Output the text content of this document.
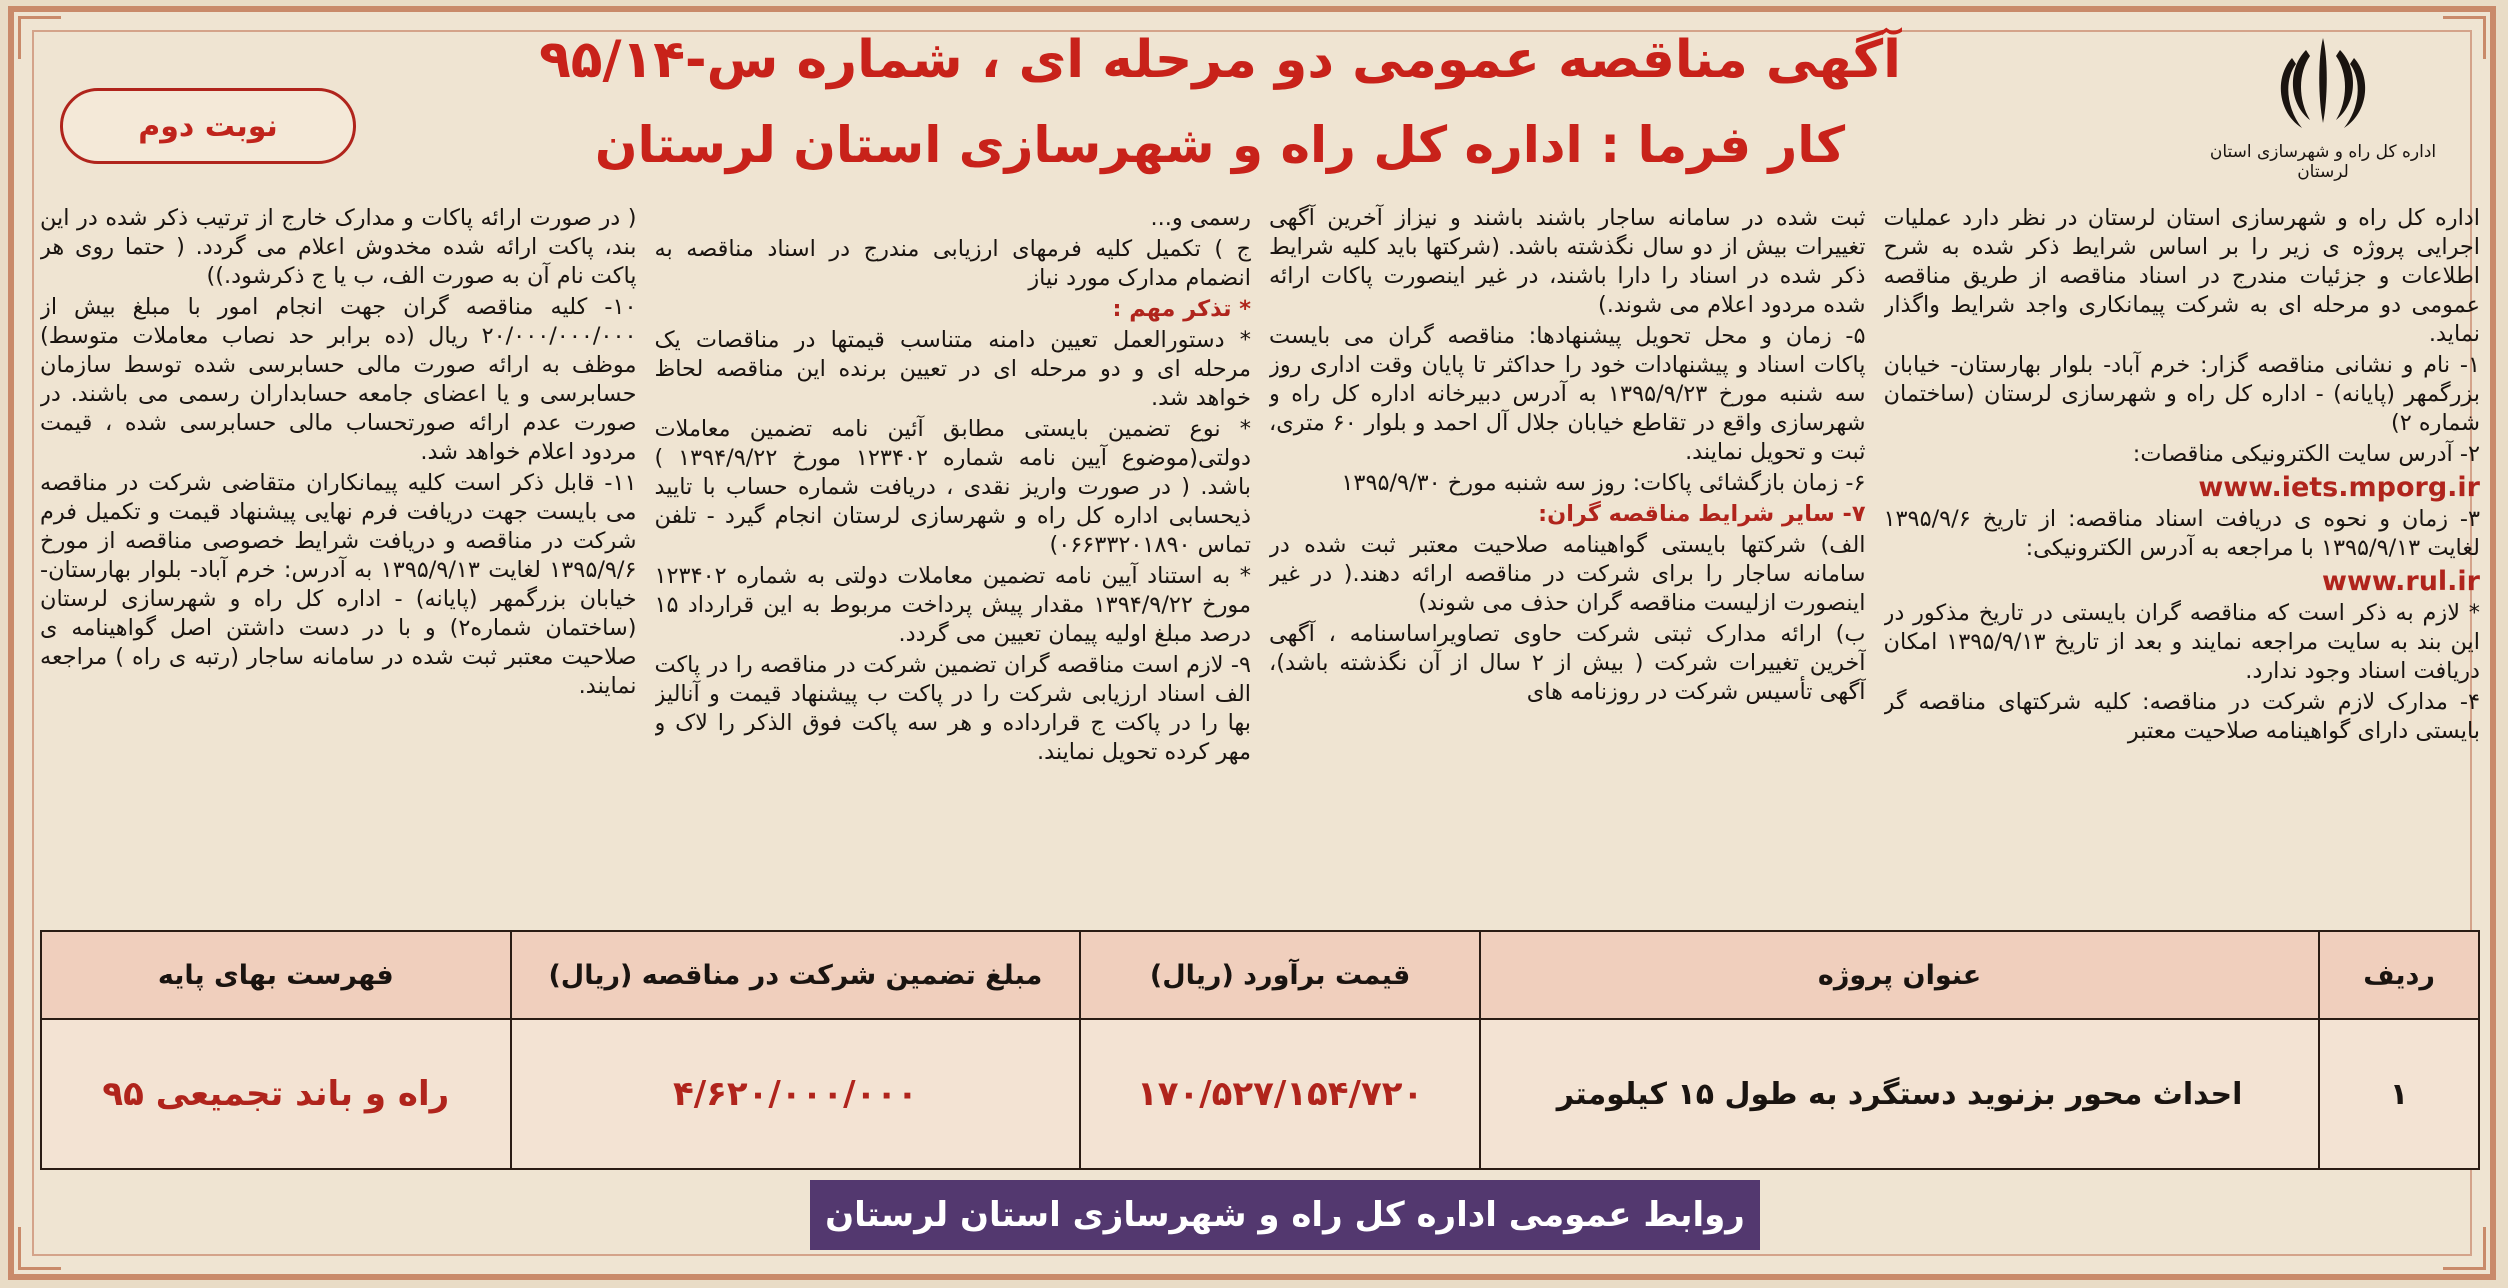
اداره کل راه و شهرسازی استان لرستان
نوبت دوم
آگهی مناقصه عمومی دو مرحله ای ، شماره س-۹۵/۱۴
کار فرما : اداره کل راه و شهرسازی استان لرستان

اداره کل راه و شهرسازی استان لرستان در نظر دارد عملیات اجرایی پروژه ی زیر را بر اساس شرایط ذکر شده به شرح اطلاعات و جزئیات مندرج در اسناد مناقصه از طریق مناقصه عمومی دو مرحله ای به شرکت پیمانکاری واجد شرایط واگذار نماید.

۱- نام و نشانی مناقصه گزار: خرم آباد- بلوار بهارستان- خیابان بزرگمهر (پایانه) - اداره کل راه و شهرسازی لرستان (ساختمان شماره ۲)

۲- آدرس سایت الکترونیکی مناقصات:

www.iets.mporg.ir

۳- زمان و نحوه ی دریافت اسناد مناقصه: از تاریخ ۱۳۹۵/۹/۶ لغایت ۱۳۹۵/۹/۱۳ با مراجعه به آدرس الکترونیکی:

www.rul.ir

* لازم به ذکر است که مناقصه گران بایستی در تاریخ مذکور در این بند به سایت مراجعه نمایند و بعد از تاریخ ۱۳۹۵/۹/۱۳ امکان دریافت اسناد وجود ندارد.

۴- مدارک لازم شرکت در مناقصه: کلیه شرکتهای مناقصه گر بایستی دارای گواهینامه صلاحیت معتبر

ثبت شده در سامانه ساجار باشند باشند و نیزاز آخرین آگهی تغییرات بیش از دو سال نگذشته باشد. (شرکتها باید کلیه شرایط ذکر شده در اسناد را دارا باشند، در غیر اینصورت پاکات ارائه شده مردود اعلام می شوند.)

۵- زمان و محل تحویل پیشنهادها: مناقصه گران می بایست پاکات اسناد و پیشنهادات خود را حداکثر تا پایان وقت اداری روز سه شنبه مورخ ۱۳۹۵/۹/۲۳ به آدرس دبیرخانه اداره کل راه و شهرسازی واقع در تقاطع خیابان جلال آل احمد و بلوار ۶۰ متری، ثبت و تحویل نمایند.

۶- زمان بازگشائی پاکات: روز سه شنبه مورخ ۱۳۹۵/۹/۳۰

۷- سایر شرایط مناقصه گران:

الف) شرکتها بایستی گواهینامه صلاحیت معتبر ثبت شده در سامانه ساجار را برای شرکت در مناقصه ارائه دهند.( در غیر اینصورت ازلیست مناقصه گران حذف می شوند)

ب) ارائه مدارک ثبتی شرکت حاوی تصاویراساسنامه ، آگهی آخرین تغییرات شرکت ( بیش از ۲ سال از آن نگذشته باشد)، آگهی تأسیس شرکت در روزنامه های

رسمی و...

ج ) تکمیل کلیه فرمهای ارزیابی مندرج در اسناد مناقصه به انضمام مدارک مورد نیاز

* تذکر مهم :

* دستورالعمل تعیین دامنه متناسب قیمتها در مناقصات یک مرحله ای و دو مرحله ای در تعیین برنده این مناقصه لحاظ خواهد شد.

* نوع تضمین بایستی مطابق آئین نامه تضمین معاملات دولتی(موضوع آیین نامه شماره ۱۲۳۴۰۲ مورخ ۱۳۹۴/۹/۲۲ ) باشد. ( در صورت واریز نقدی ، دریافت شماره حساب با تایید ذیحسابی اداره کل راه و شهرسازی لرستان انجام گیرد - تلفن تماس ۰۶۶۳۳۲۰۱۸۹۰)

* به استناد آیین نامه تضمین معاملات دولتی به شماره ۱۲۳۴۰۲ مورخ ۱۳۹۴/۹/۲۲ مقدار پیش پرداخت مربوط به این قرارداد ۱۵ درصد مبلغ اولیه پیمان تعیین می گردد.

۹- لازم است مناقصه گران تضمین شرکت در مناقصه را در پاکت الف اسناد ارزیابی شرکت را در پاکت ب پیشنهاد قیمت و آنالیز بها را در پاکت ج قرارداده و هر سه پاکت فوق الذکر را لاک و مهر کرده تحویل نمایند.

( در صورت ارائه پاکات و مدارک خارج از ترتیب ذکر شده در این بند، پاکت ارائه شده مخدوش اعلام می گردد. ( حتما روی هر پاکت نام آن به صورت الف، ب یا ج ذکرشود.))

۱۰- کلیه مناقصه گران جهت انجام امور با مبلغ بیش از ۲۰/۰۰۰/۰۰۰/۰۰۰ ریال (ده برابر حد نصاب معاملات متوسط) موظف به ارائه صورت مالی حسابرسی شده توسط سازمان حسابرسی و یا اعضای جامعه حسابداران رسمی می باشند. در صورت عدم ارائه صورتحساب مالی حسابرسی شده ، قیمت مردود اعلام خواهد شد.

۱۱- قابل ذکر است کلیه پیمانکاران متقاضی شرکت در مناقصه می بایست جهت دریافت فرم نهایی پیشنهاد قیمت و تکمیل فرم شرکت در مناقصه و دریافت شرایط خصوصی مناقصه از مورخ ۱۳۹۵/۹/۶ لغایت ۱۳۹۵/۹/۱۳ به آدرس: خرم آباد- بلوار بهارستان- خیابان بزرگمهر (پایانه) - اداره کل راه و شهرسازی لرستان (ساختمان شماره۲) و با در دست داشتن اصل گواهینامه ی صلاحیت معتبر ثبت شده در سامانه ساجار (رتبه ی راه ) مراجعه نمایند.

ردیف	عنوان پروژه	قیمت برآورد (ریال)	مبلغ تضمین شرکت در مناقصه (ریال)	فهرست بهای پایه
۱	احداث محور بزنوید دستگرد به طول ۱۵ کیلومتر	۱۷۰/۵۲۷/۱۵۴/۷۲۰	۴/۶۲۰/۰۰۰/۰۰۰	راه و باند تجمیعی ۹۵
روابط عمومی اداره کل راه و شهرسازی استان لرستان
